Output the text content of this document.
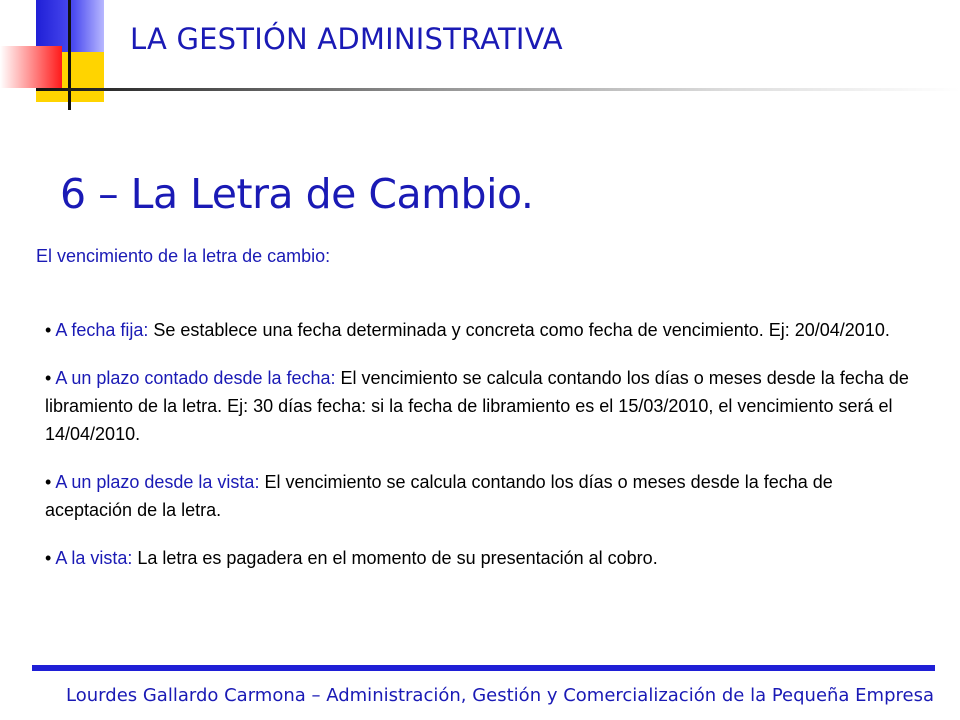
LA GESTIÓN ADMINISTRATIVA
6 – La Letra de Cambio.
El vencimiento de la letra de cambio:
• A fecha fija: Se establece una fecha determinada y concreta como fecha de vencimiento. Ej: 20/04/2010.
• A un plazo contado desde la fecha: El vencimiento se calcula contando los días o meses desde la fecha de libramiento de la letra. Ej: 30 días fecha: si la fecha de libramiento es el 15/03/2010, el vencimiento será el 14/04/2010.
• A un plazo desde la vista: El vencimiento se calcula contando los días o meses desde la fecha de aceptación de la letra.
• A la vista: La letra es pagadera en el momento de su presentación al cobro.
Lourdes Gallardo Carmona – Administración, Gestión y Comercialización de la Pequeña Empresa
